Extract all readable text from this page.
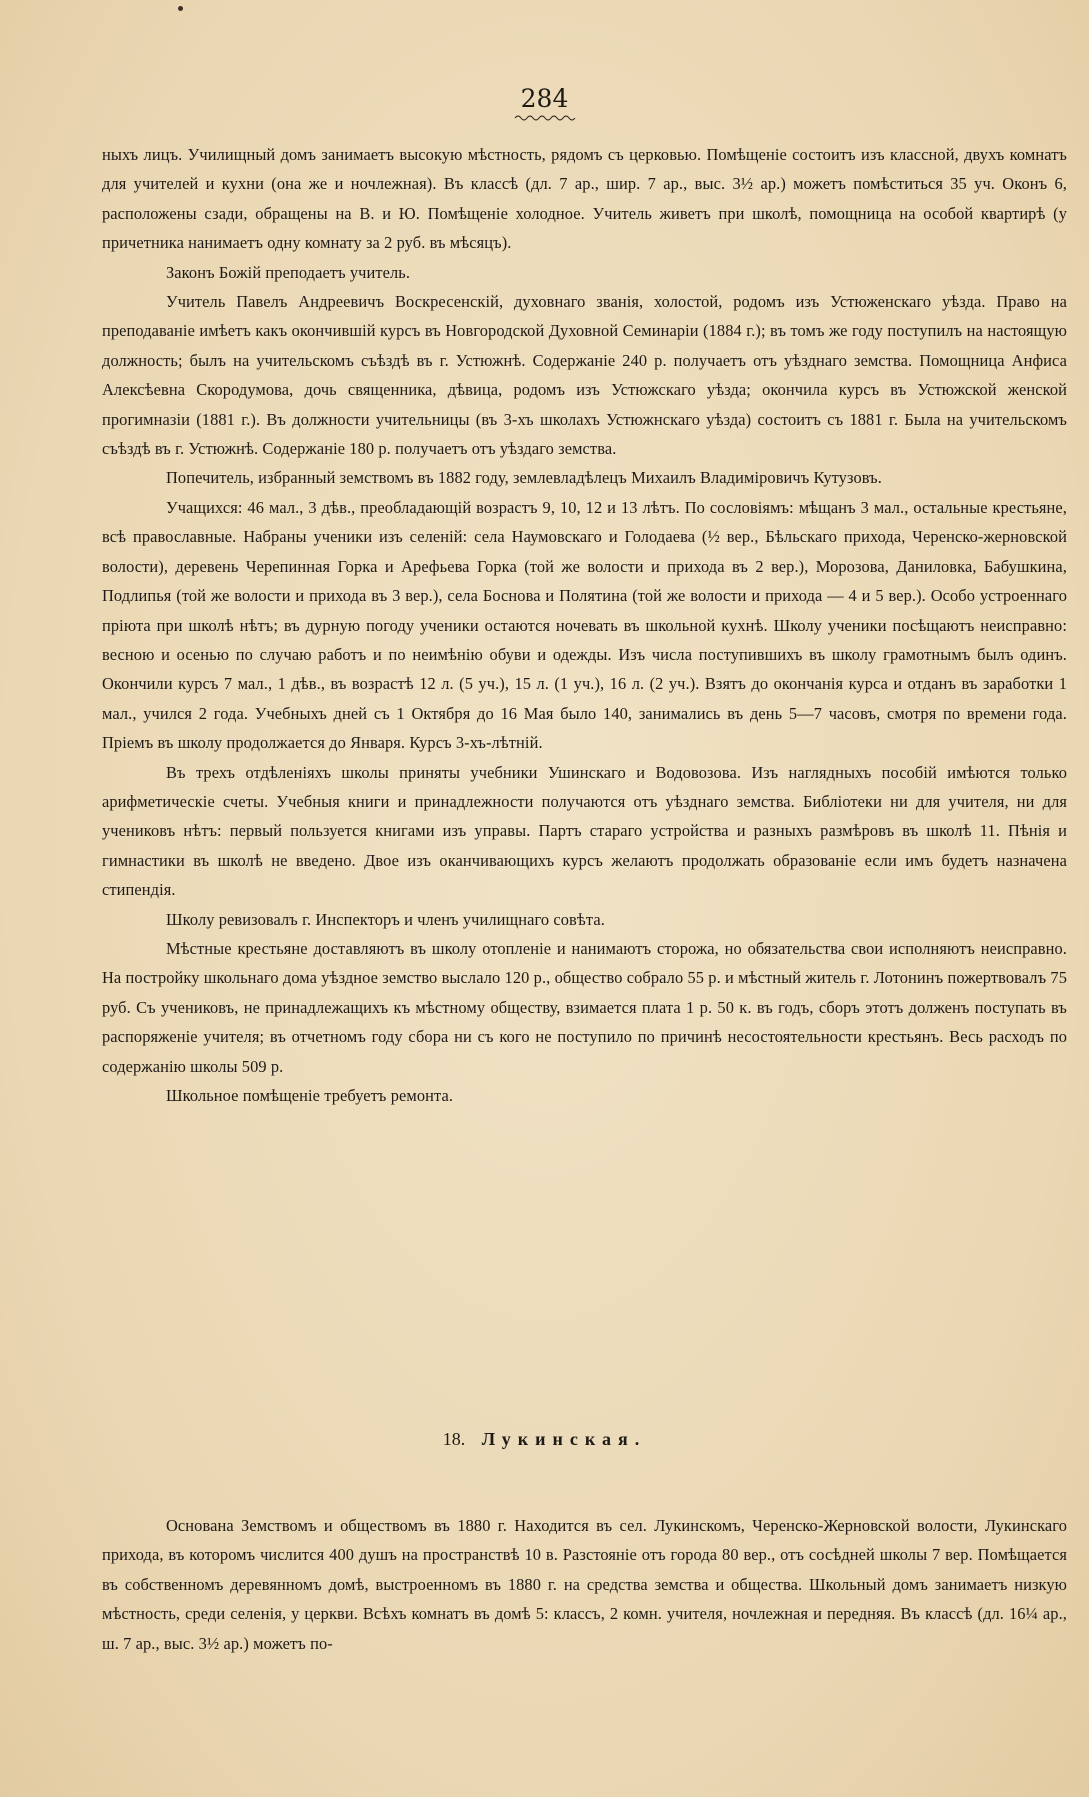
284

ныхъ лицъ. Училищный домъ занимаетъ высокую мѣстность, рядомъ съ церковью. Помѣщеніе состоитъ изъ классной, двухъ комнатъ для учителей и кухни (она же и ночлежная). Въ классѣ (дл. 7 ар., шир. 7 ар., выс. 3½ ар.) можетъ помѣститься 35 уч. Оконъ 6, расположены сзади, обращены на В. и Ю. Помѣщеніе холодное. Учитель живетъ при школѣ, помощница на особой квартирѣ (у причетника нанимаетъ одну комнату за 2 руб. въ мѣсяцъ).

Законъ Божій преподаетъ учитель.

Учитель Павелъ Андреевичъ Воскресенскій, духовнаго званія, холостой, родомъ изъ Устюженскаго уѣзда. Право на преподаваніе имѣетъ какъ окончившій курсъ въ Новгородской Духовной Семинаріи (1884 г.); въ томъ же году поступилъ на настоящую должность; былъ на учительскомъ съѣздѣ въ г. Устюжнѣ. Содержаніе 240 р. получаетъ отъ уѣзднаго земства. Помощница Анфиса Алексѣевна Скородумова, дочь священника, дѣвица, родомъ изъ Устюжскаго уѣзда; окончила курсъ въ Устюжской женской прогимназіи (1881 г.). Въ должности учительницы (въ 3-хъ школахъ Устюжнскаго уѣзда) состоитъ съ 1881 г. Была на учительскомъ съѣздѣ въ г. Устюжнѣ. Содержаніе 180 р. получаетъ отъ уѣздаго земства.

Попечитель, избранный земствомъ въ 1882 году, землевладѣлецъ Михаилъ Владиміровичъ Кутузовъ.

Учащихся: 46 мал., 3 дѣв., преобладающій возрастъ 9, 10, 12 и 13 лѣтъ. По сословіямъ: мѣщанъ 3 мал., остальные крестьяне, всѣ православные. Набраны ученики изъ селеній: села Наумовскаго и Голодаева (½ вер., Бѣльскаго прихода, Черенско-жерновской волости), деревень Черепинная Горка и Арефьева Горка (той же волости и прихода въ 2 вер.), Морозова, Даниловка, Бабушкина, Подлипья (той же волости и прихода въ 3 вер.), села Боснова и Полятина (той же волости и прихода — 4 и 5 вер.). Особо устроеннаго пріюта при школѣ нѣтъ; въ дурную погоду ученики остаются ночевать въ школьной кухнѣ. Школу ученики посѣщаютъ неисправно: весною и осенью по случаю работъ и по неимѣнію обуви и одежды. Изъ числа поступившихъ въ школу грамотнымъ былъ одинъ. Окончили курсъ 7 мал., 1 дѣв., въ возрастѣ 12 л. (5 уч.), 15 л. (1 уч.), 16 л. (2 уч.). Взятъ до окончанія курса и отданъ въ заработки 1 мал., учился 2 года. Учебныхъ дней съ 1 Октября до 16 Мая было 140, занимались въ день 5—7 часовъ, смотря по времени года. Пріемъ въ школу продолжается до Января. Курсъ 3-хъ-лѣтній.

Въ трехъ отдѣленіяхъ школы приняты учебники Ушинскаго и Водовозова. Изъ наглядныхъ пособій имѣются только арифметическіе счеты. Учебныя книги и принадлежности получаются отъ уѣзднаго земства. Библіотеки ни для учителя, ни для учениковъ нѣтъ: первый пользуется книгами изъ управы. Партъ стараго устройства и разныхъ размѣровъ въ школѣ 11. Пѣнія и гимнастики въ школѣ не введено. Двое изъ оканчивающихъ курсъ желаютъ продолжать образованіе если имъ будетъ назначена стипендія.

Школу ревизовалъ г. Инспекторъ и членъ училищнаго совѣта.

Мѣстные крестьяне доставляютъ въ школу отопленіе и нанимаютъ сторожа, но обязательства свои исполняютъ неисправно. На постройку школьнаго дома уѣздное земство выслало 120 р., общество собрало 55 р. и мѣстный житель г. Лотонинъ пожертвовалъ 75 руб. Съ учениковъ, не принадлежащихъ къ мѣстному обществу, взимается плата 1 р. 50 к. въ годъ, сборъ этотъ долженъ поступать въ распоряженіе учителя; въ отчетномъ году сбора ни съ кого не поступило по причинѣ несостоятельности крестьянъ. Весь расходъ по содержанію школы 509 р.

Школьное помѣщеніе требуетъ ремонта.

18. Лукинская.

Основана Земствомъ и обществомъ въ 1880 г. Находится въ сел. Лукинскомъ, Черенско-Жерновской волости, Лукинскаго прихода, въ которомъ числится 400 душъ на пространствѣ 10 в. Разстояніе отъ города 80 вер., отъ сосѣдней школы 7 вер. Помѣщается въ собственномъ деревянномъ домѣ, выстроенномъ въ 1880 г. на средства земства и общества. Школьный домъ занимаетъ низкую мѣстность, среди селенія, у церкви. Всѣхъ комнатъ въ домѣ 5: классъ, 2 комн. учителя, ночлежная и передняя. Въ классѣ (дл. 16¼ ар., ш. 7 ар., выс. 3½ ар.) можетъ по-
